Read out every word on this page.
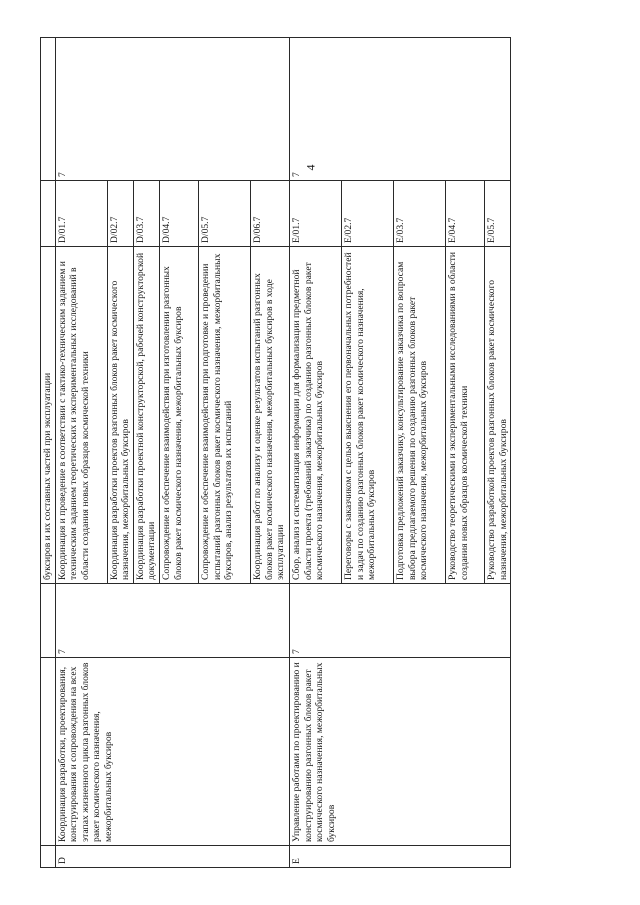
4
			буксиров и их составных частей при эксплуатации		
D	Координация разработки, проектирования, конструирования и сопровождения на всех этапах жизненного цикла разгонных блоков ракет космического назначения, межорбитальных буксиров	7	Координация и проведение в соответствии с тактико-техническим заданием и техническим заданием теоретических и экспериментальных исследований в области создания новых образцов космической техники	D/01.7	7
			Координация разработки проектов разгонных блоков ракет космического назначения, межорбитальных буксиров	D/02.7	
			Координация разработки проектной конструкторской, рабочей конструкторской документации	D/03.7	
			Сопровождение и обеспечение взаимодействия при изготовлении разгонных блоков ракет космического назначения, межорбитальных буксиров	D/04.7	
			Сопровождение и обеспечение взаимодействия при подготовке и проведении испытаний разгонных блоков ракет космического назначения, межорбитальных буксиров, анализ результатов их испытаний	D/05.7	
			Координация работ по анализу и оценке результатов испытаний разгонных блоков ракет космического назначения, межорбитальных буксиров в ходе эксплуатации	D/06.7	
E	Управление работами по проектированию и конструированию разгонных блоков ракет космического назначения, межорбитальных буксиров	7	Сбор, анализ и систематизация информации для формализации предметной области проекта (требований заказчика) по созданию разгонных блоков ракет космического назначения, межорбитальных буксиров	E/01.7	7
			Переговоры с заказчиком с целью выяснения его первоначальных потребностей и задач по созданию разгонных блоков ракет космического назначения, межорбитальных буксиров	E/02.7	
			Подготовка предложений заказчику, консультирование заказчика по вопросам выбора предлагаемого решения по созданию разгонных блоков ракет космического назначения, межорбитальных буксиров	E/03.7	
			Руководство теоретическими и экспериментальными исследованиями в области создания новых образцов космической техники	E/04.7	
			Руководство разработкой проектов разгонных блоков ракет космического назначения, межорбитальных буксиров	E/05.7	
